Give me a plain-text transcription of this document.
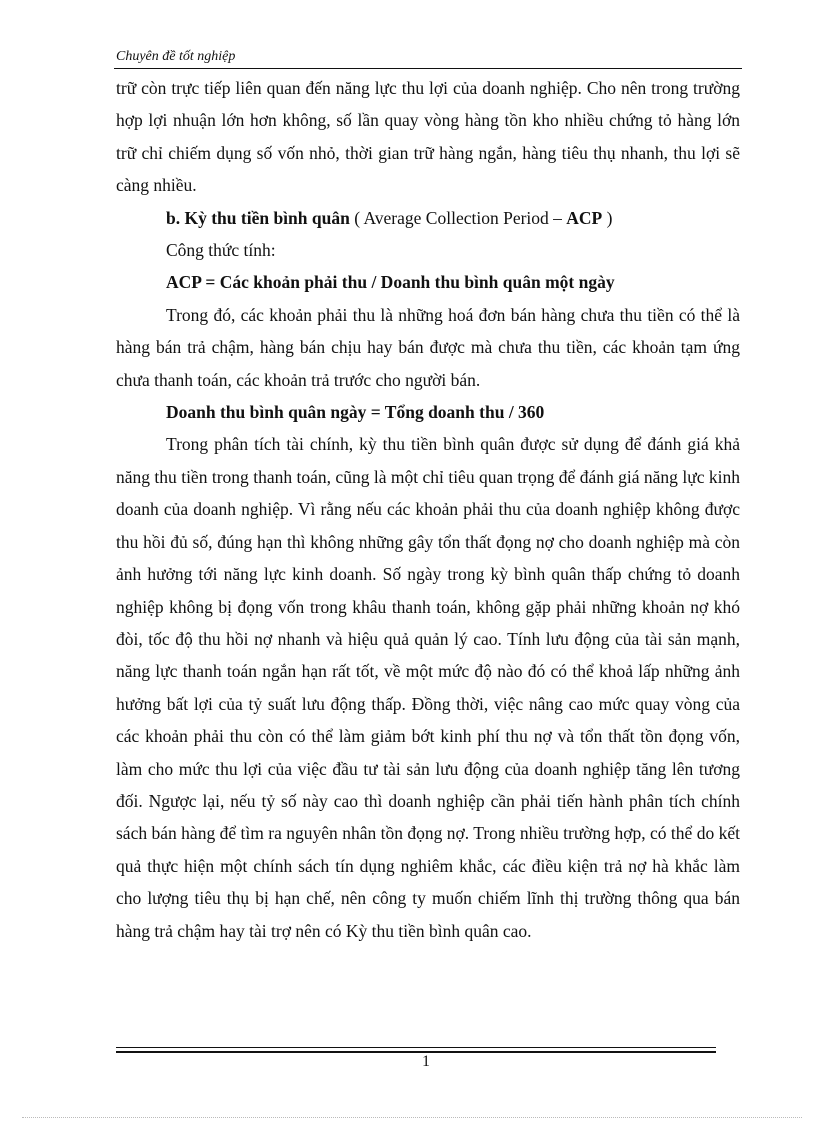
Chuyên đề tốt nghiệp

trữ còn trực tiếp liên quan đến năng lực thu lợi của doanh nghiệp. Cho nên trong trường hợp lợi nhuận lớn hơn không, số lần quay vòng hàng tồn kho nhiều chứng tỏ hàng lớn trữ chỉ chiếm dụng số vốn nhỏ, thời gian trữ hàng ngắn, hàng tiêu thụ nhanh, thu lợi sẽ càng nhiều.

b. Kỳ thu tiền bình quân ( Average Collection Period – ACP )

Công thức tính:

ACP = Các khoản phải thu / Doanh thu bình quân một ngày

Trong đó, các khoản phải thu là những hoá đơn bán hàng chưa thu tiền có thể là hàng bán trả chậm, hàng bán chịu hay bán được mà chưa thu tiền, các khoản tạm ứng chưa thanh toán, các khoản trả trước cho người bán.

Doanh thu bình quân ngày = Tổng doanh thu / 360

Trong phân tích tài chính, kỳ thu tiền bình quân được sử dụng để đánh giá khả năng thu tiền trong thanh toán, cũng là một chỉ tiêu quan trọng để đánh giá năng lực kinh doanh của doanh nghiệp. Vì rằng nếu các khoản phải thu của doanh nghiệp không được thu hồi đủ số, đúng hạn thì không những gây tổn thất đọng nợ cho doanh nghiệp mà còn ảnh hưởng tới năng lực kinh doanh. Số ngày trong kỳ bình quân thấp chứng tỏ doanh nghiệp không bị đọng vốn trong khâu thanh toán, không gặp phải những khoản nợ khó đòi, tốc độ thu hồi nợ nhanh và hiệu quả quản lý cao. Tính lưu động của tài sản mạnh, năng lực thanh toán ngắn hạn rất tốt, về một mức độ nào đó có thể khoả lấp những ảnh hưởng bất lợi của tỷ suất lưu động thấp. Đồng thời, việc nâng cao mức quay vòng của các khoản phải thu còn có thể làm giảm bớt kinh phí thu nợ và tổn thất tồn đọng vốn, làm cho mức thu lợi của việc đầu tư tài sản lưu động của doanh nghiệp tăng lên tương đối. Ngược lại, nếu tỷ số này cao thì doanh nghiệp cần phải tiến hành phân tích chính sách bán hàng để tìm ra nguyên nhân tồn đọng nợ. Trong nhiều trường hợp, có thể do kết quả thực hiện một chính sách tín dụng nghiêm khắc, các điều kiện trả nợ hà khắc làm cho lượng tiêu thụ bị hạn chế, nên công ty muốn chiếm lĩnh thị trường thông qua bán hàng trả chậm hay tài trợ nên có Kỳ thu tiền bình quân cao.

1
